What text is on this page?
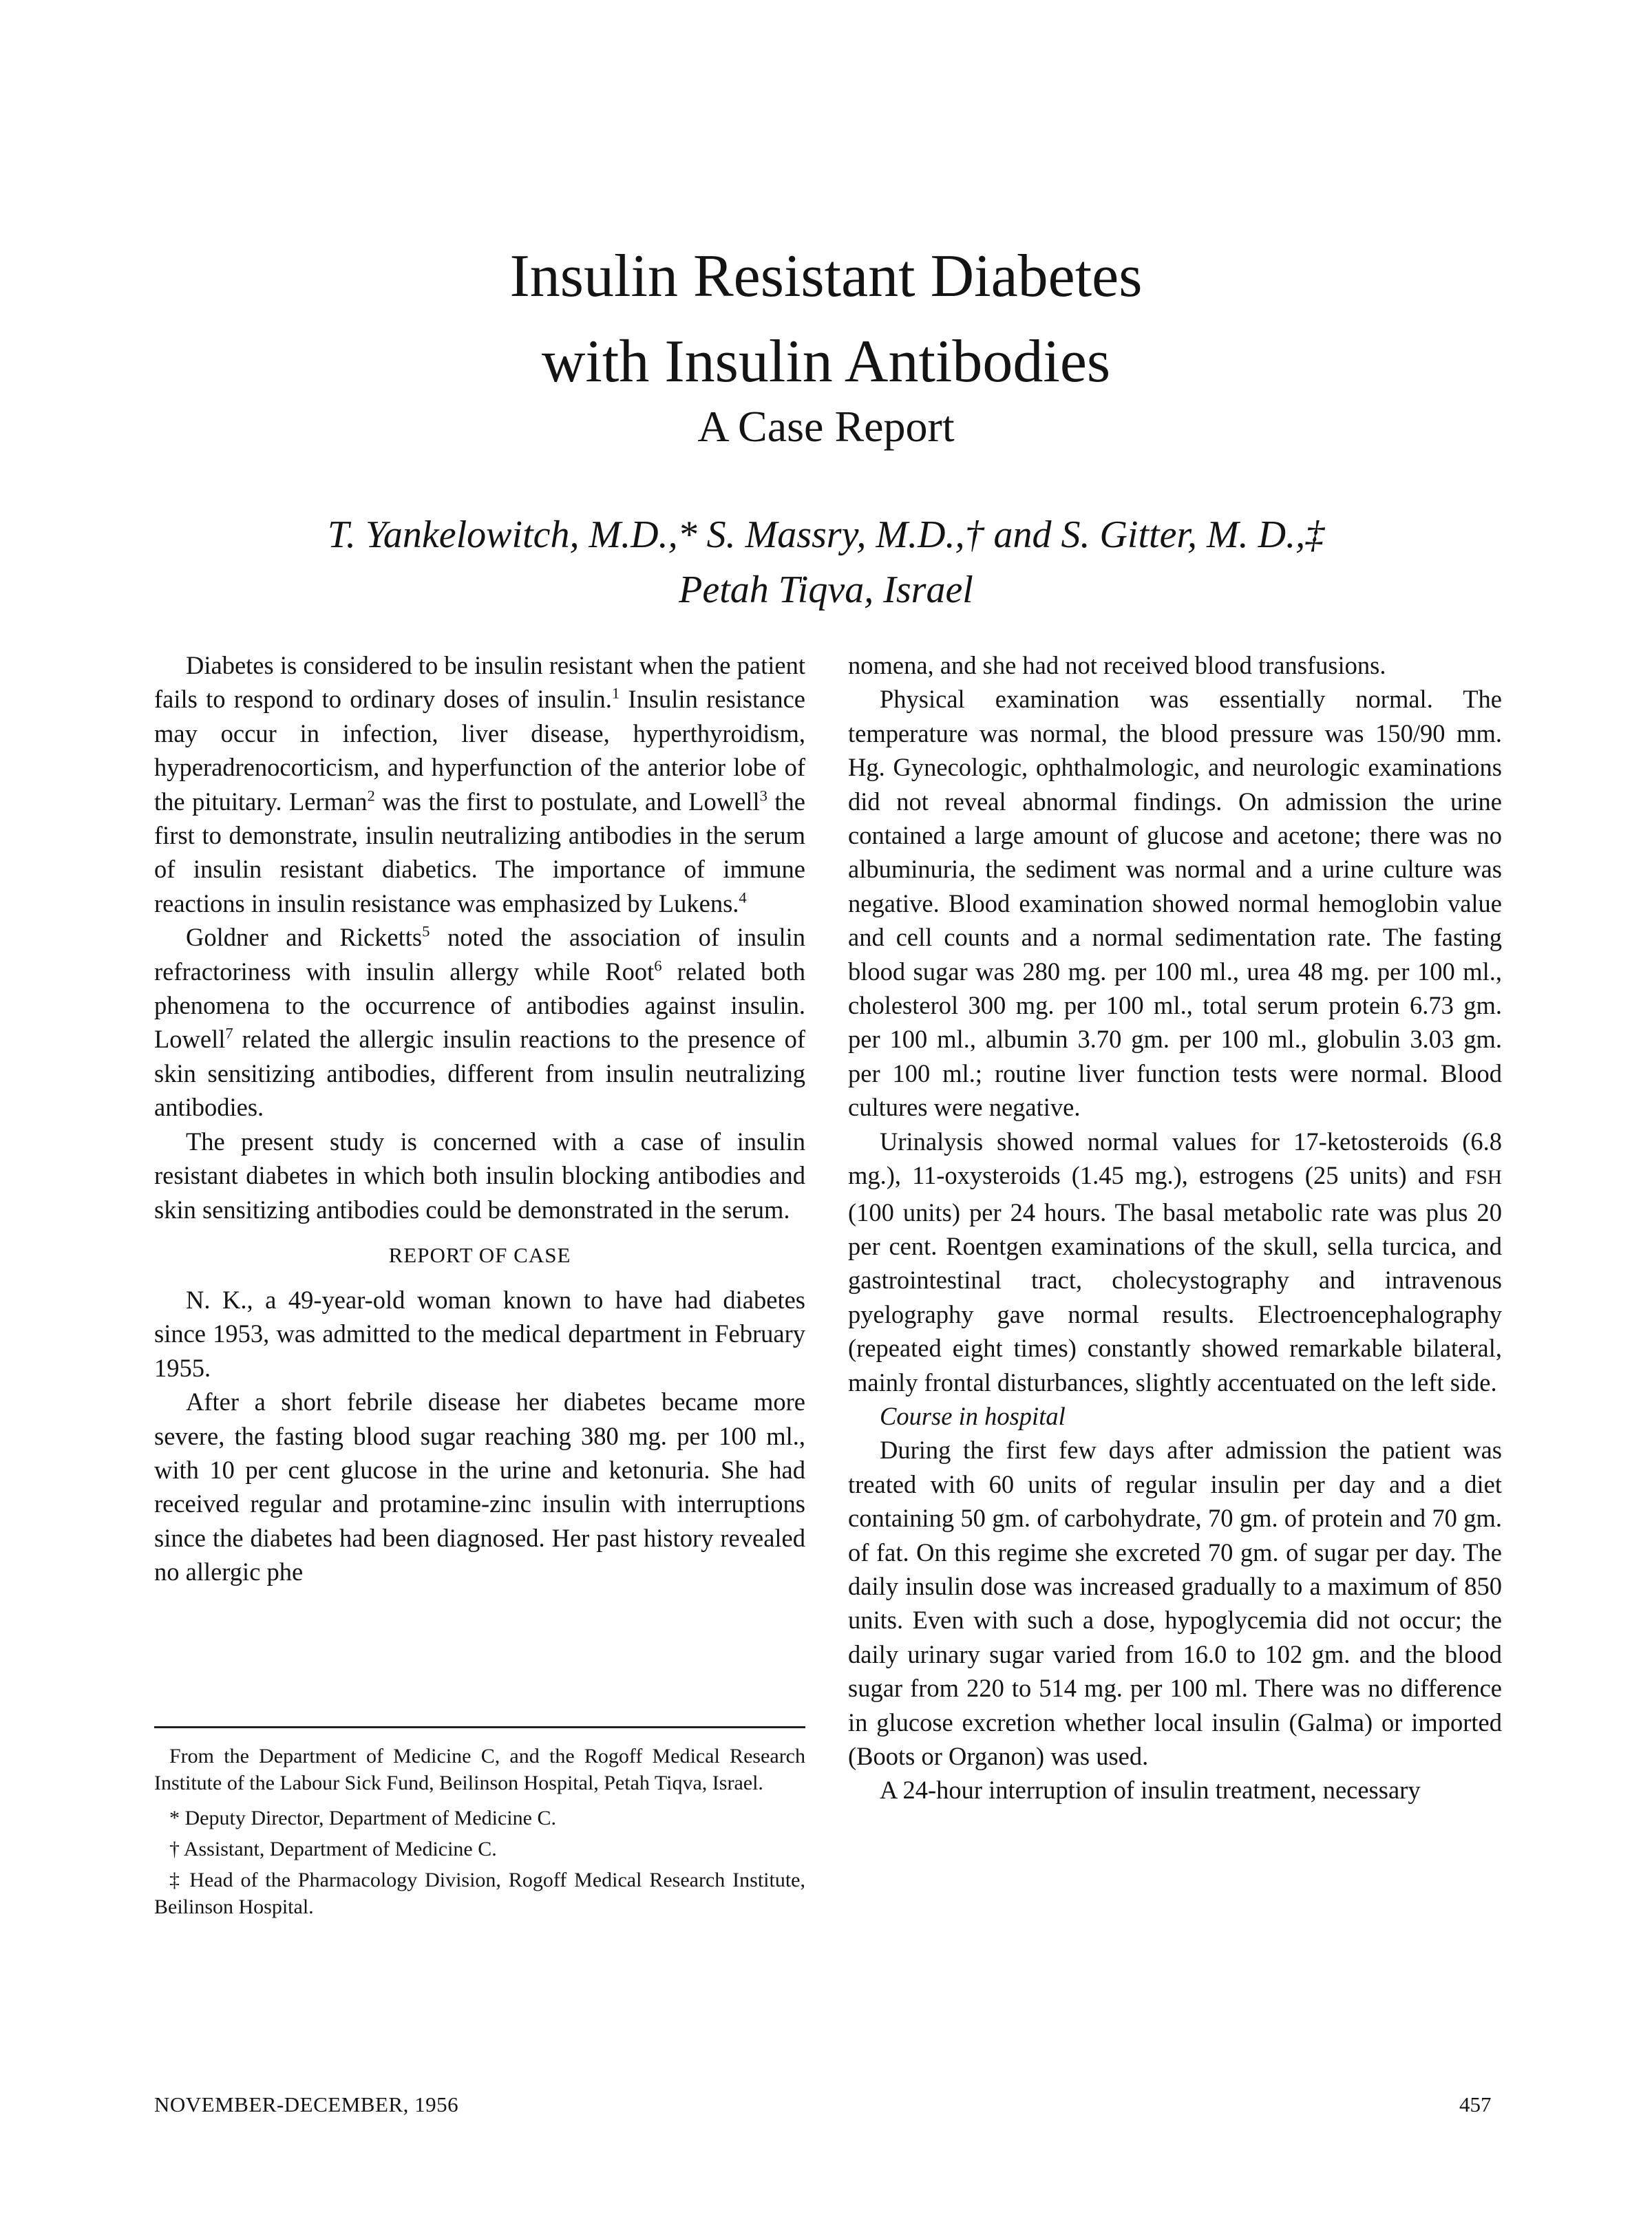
Insulin Resistant Diabetes
with Insulin Antibodies
A Case Report
T. Yankelowitch, M.D.,* S. Massry, M.D.,† and S. Gitter, M. D.,‡
Petah Tiqva, Israel

Diabetes is considered to be insulin resistant when the patient fails to respond to ordinary doses of insulin.$^1$ Insulin resistance may occur in infection, liver disease, hyperthyroidism, hyperadrenocorticism, and hyperfunction of the anterior lobe of the pituitary. Lerman$^2$ was the first to postulate, and Lowell$^3$ the first to demonstrate, insulin neutralizing antibodies in the serum of insulin resistant diabetics. The importance of immune reactions in insulin resistance was emphasized by Lukens.$^4$

Goldner and Ricketts$^5$ noted the association of insulin refractoriness with insulin allergy while Root$^6$ related both phenomena to the occurrence of antibodies against insulin. Lowell$^7$ related the allergic insulin reactions to the presence of skin sensitizing antibodies, different from insulin neutralizing antibodies.

The present study is concerned with a case of insulin resistant diabetes in which both insulin blocking antibodies and skin sensitizing antibodies could be demonstrated in the serum.

REPORT OF CASE

N. K., a 49-year-old woman known to have had diabetes since 1953, was admitted to the medical department in February 1955.

After a short febrile disease her diabetes became more severe, the fasting blood sugar reaching 380 mg. per 100 ml., with 10 per cent glucose in the urine and ketonuria. She had received regular and protamine-zinc insulin with interruptions since the diabetes had been diagnosed. Her past history revealed no allergic phe

nomena, and she had not received blood transfusions.

Physical examination was essentially normal. The temperature was normal, the blood pressure was 150/90 mm. Hg. Gynecologic, ophthalmologic, and neurologic examinations did not reveal abnormal findings. On admission the urine contained a large amount of glucose and acetone; there was no albuminuria, the sediment was normal and a urine culture was negative. Blood examination showed normal hemoglobin value and cell counts and a normal sedimentation rate. The fasting blood sugar was 280 mg. per 100 ml., urea 48 mg. per 100 ml., cholesterol 300 mg. per 100 ml., total serum protein 6.73 gm. per 100 ml., albumin 3.70 gm. per 100 ml., globulin 3.03 gm. per 100 ml.; routine liver function tests were normal. Blood cultures were negative.

Urinalysis showed normal values for 17-ketosteroids (6.8 mg.), 11-oxysteroids (1.45 mg.), estrogens (25 units) and FSH (100 units) per 24 hours. The basal metabolic rate was plus 20 per cent. Roentgen examinations of the skull, sella turcica, and gastrointestinal tract, cholecystography and intravenous pyelography gave normal results. Electroencephalography (repeated eight times) constantly showed remarkable bilateral, mainly frontal disturbances, slightly accentuated on the left side.

Course in hospital

During the first few days after admission the patient was treated with 60 units of regular insulin per day and a diet containing 50 gm. of carbohydrate, 70 gm. of protein and 70 gm. of fat. On this regime she excreted 70 gm. of sugar per day. The daily insulin dose was increased gradually to a maximum of 850 units. Even with such a dose, hypoglycemia did not occur; the daily urinary sugar varied from 16.0 to 102 gm. and the blood sugar from 220 to 514 mg. per 100 ml. There was no difference in glucose excretion whether local insulin (Galma) or imported (Boots or Organon) was used.

A 24-hour interruption of insulin treatment, necessary

From the Department of Medicine C, and the Rogoff Medical Research Institute of the Labour Sick Fund, Beilinson Hospital, Petah Tiqva, Israel.

* Deputy Director, Department of Medicine C.

† Assistant, Department of Medicine C.

‡ Head of the Pharmacology Division, Rogoff Medical Research Institute, Beilinson Hospital.

NOVEMBER-DECEMBER, 1956	457
